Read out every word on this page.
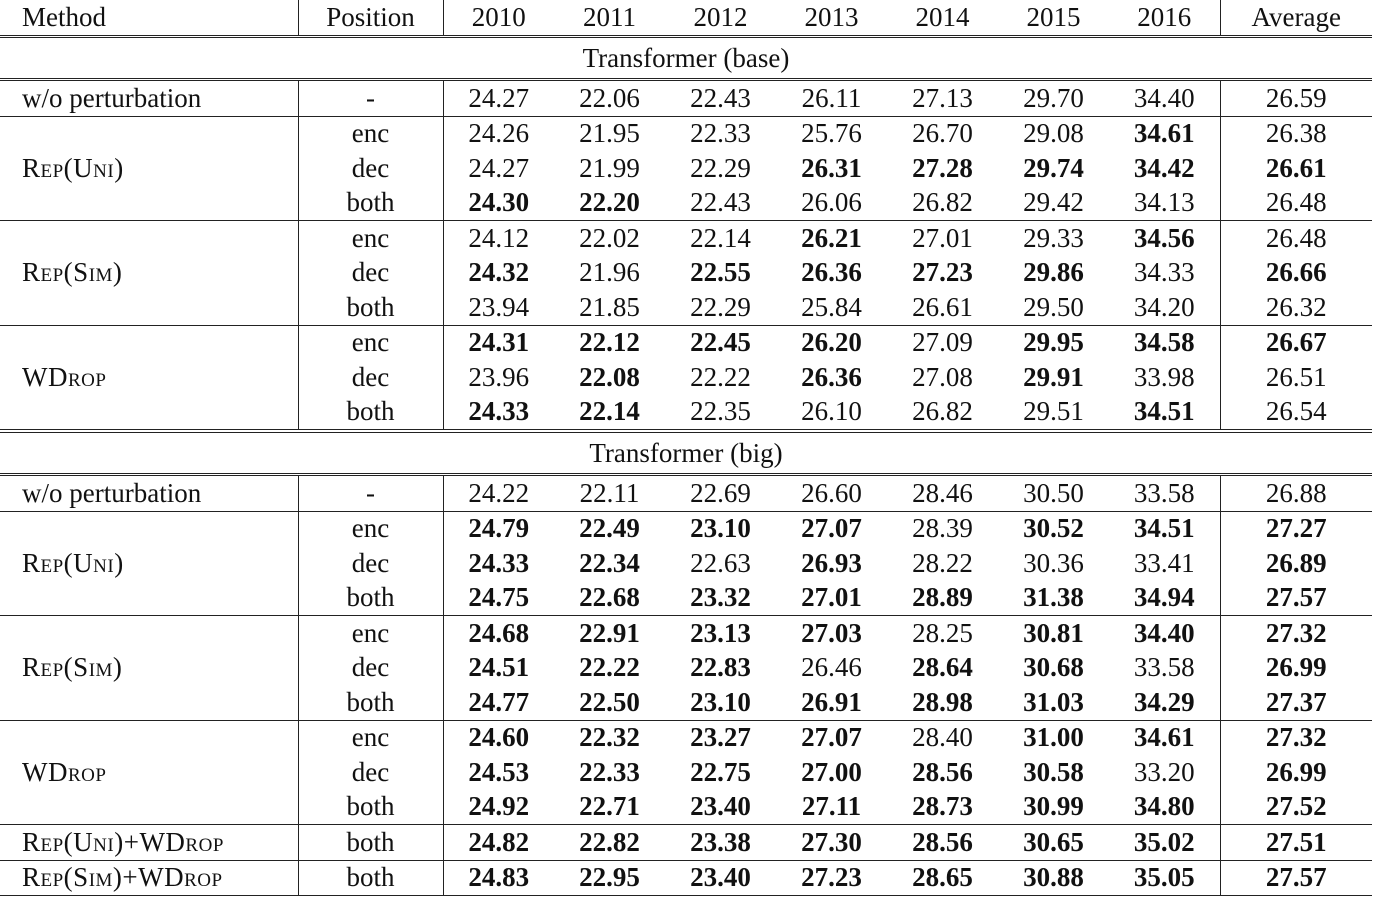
Method	Position	2010	2011	2012	2013	2014	2015	2016	Average
Transformer (base)									
w/o perturbation	-	24.27	22.06	22.43	26.11	27.13	29.70	34.40	26.59
Rep(Uni)	enc	24.26	21.95	22.33	25.76	26.70	29.08	34.61	26.38
	dec	24.27	21.99	22.29	26.31	27.28	29.74	34.42	26.61
	both	24.30	22.20	22.43	26.06	26.82	29.42	34.13	26.48
Rep(Sim)	enc	24.12	22.02	22.14	26.21	27.01	29.33	34.56	26.48
	dec	24.32	21.96	22.55	26.36	27.23	29.86	34.33	26.66
	both	23.94	21.85	22.29	25.84	26.61	29.50	34.20	26.32
WDrop	enc	24.31	22.12	22.45	26.20	27.09	29.95	34.58	26.67
	dec	23.96	22.08	22.22	26.36	27.08	29.91	33.98	26.51
	both	24.33	22.14	22.35	26.10	26.82	29.51	34.51	26.54
Transformer (big)									
w/o perturbation	-	24.22	22.11	22.69	26.60	28.46	30.50	33.58	26.88
Rep(Uni)	enc	24.79	22.49	23.10	27.07	28.39	30.52	34.51	27.27
	dec	24.33	22.34	22.63	26.93	28.22	30.36	33.41	26.89
	both	24.75	22.68	23.32	27.01	28.89	31.38	34.94	27.57
Rep(Sim)	enc	24.68	22.91	23.13	27.03	28.25	30.81	34.40	27.32
	dec	24.51	22.22	22.83	26.46	28.64	30.68	33.58	26.99
	both	24.77	22.50	23.10	26.91	28.98	31.03	34.29	27.37
WDrop	enc	24.60	22.32	23.27	27.07	28.40	31.00	34.61	27.32
	dec	24.53	22.33	22.75	27.00	28.56	30.58	33.20	26.99
	both	24.92	22.71	23.40	27.11	28.73	30.99	34.80	27.52
Rep(Uni)+WDrop	both	24.82	22.82	23.38	27.30	28.56	30.65	35.02	27.51
Rep(Sim)+WDrop	both	24.83	22.95	23.40	27.23	28.65	30.88	35.05	27.57
